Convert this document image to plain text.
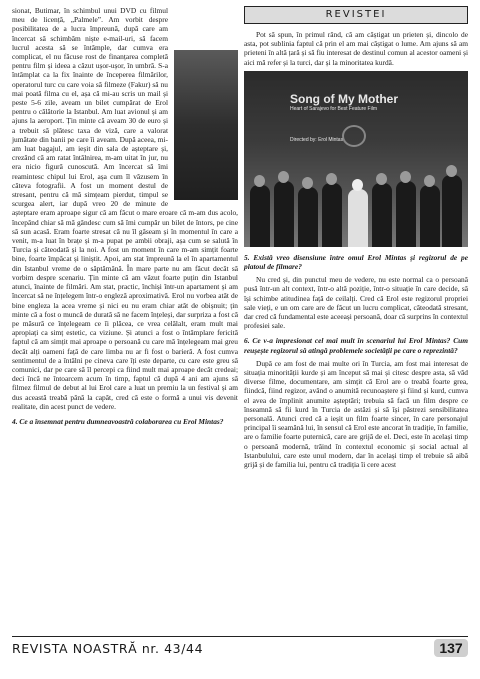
sionat, Butimar, în schimbul unui DVD cu filmul meu de licență, „Palmele”. Am vorbit despre posibilitatea de a lucra împreună, după care am încercat să schimbăm niște e-mail-uri, să facem lucrul acesta să se întâmple, dar cumva era complicat, el nu făcuse rost de finanțarea completă pentru film și ideea a căzut ușor-ușor, în umbră. S-a întâmplat ca la fix înainte de începerea filmărilor, operatorul turc cu care voia să filmeze (Fakur) să nu mai poată filma cu el, așa că mi-au scris un mail și peste 5-6 zile, aveam un bilet cumpărat de Erol pentru o călătorie la Istanbul. Am luat avionul și am ajuns la aeroport. Țin minte că aveam 30 de euro și a trebuit să plătesc taxa de viză, care a valorat jumătate din banii pe care îi aveam. După aceea, mi-am luat bagajul, am ieșit din sala de așteptare și, crezând că am ratat întâlnirea, m-am uitat în jur, nu era nicio figură cunoscută. Am încercat să îmi reamintesc chipul lui Erol, așa cum îl văzusem în câteva fotografii. A fost un moment destul de stresant, pentru că mă simțeam pierdut, timpul se scurgea alert, iar după vreo 20 de minute de așteptare eram aproape sigur că am făcut o mare eroare că m-am dus acolo, începând chiar să mă gândesc cum să îmi cumpăr un bilet de întors, pe cine să sun acasă. Eram foarte stresat că nu îl găseam și în momentul în care a venit, m-a luat în brațe și m-a pupat pe ambii obraji, așa cum se salută în Turcia și câteodată și la noi. A fost un moment în care m-am simțit foarte bine, foarte împăcat și liniștit. Apoi, am stat împreună la el în apartamentul din Istanbul vreme de o săptămână. În mare parte nu am făcut decât să vorbim despre scenariu. Țin minte că am văzut foarte puțin din Istanbul atunci, înainte de filmări. Am stat, practic, închiși într-un apartament și am încercat să ne înțelegem într-o engleză aproximativă. Erol nu vorbea atât de bine engleza la acea vreme și nici eu nu eram chiar atât de obișnuit; țin minte că a fost o muncă de durată să ne facem înțeleși, dar surpriza a fost că pe măsură ce înțelegeam ce îi plăcea, ce vrea celălalt, eram mult mai apropiați ca simț estetic, ca viziune. Și atunci a fost o întâmplare fericită faptul că am simțit mai aproape o persoană cu care mă înțelegeam mai greu decât alți oameni față de care limba nu ar fi fost o barieră. A fost cumva sentimentul de a întâlni pe cineva care îți este departe, cu care este greu să comunici, dar pe care să îl percepi ca fiind mult mai aproape decât credeai; deci încă ne întoarcem acum în timp, faptul că după 4 ani am ajuns să filmez filmul de debut al lui Erol care a luat un premiu la un festival și am dus această treabă până la capăt, cred că este o formă a unui vis devenit realitate, din acest punct de vedere.

4. Ce a însemnat pentru dumneavoastră colaborarea cu Erol Mintas?

REVISTEI

Pot să spun, în primul rând, că am câștigat un prieten și, dincolo de asta, pot sublinia faptul că prin el am mai câștigat o lume. Am ajuns să am prieteni în altă țară și să fiu interesat de destinul comun al acestor oameni și aici mă refer și la turci, dar și la minoritatea kurdă.

Song of My Mother
Heart of Sarajevo for Best Feature Film
Directed by: Erol Mintas

5. Există vreo disensiune între omul Erol Mintas și regizorul de pe platoul de filmare?

Nu cred și, din punctul meu de vedere, nu este normal ca o persoană pusă într-un alt context, într-o altă poziție, într-o situație în care decide, să își schimbe atitudinea față de ceilalți. Cred că Erol este regizorul propriei sale vieți, e un om care are de făcut un lucru complicat, câteodată stresant, dar cred că fundamental este aceeași persoană, doar că surprins în contextul profesiei sale.

6. Ce v-a impresionat cel mai mult în scenariul lui Erol Mintas? Cum reușește regizorul să atingă problemele societății pe care o reprezintă?

După ce am fost de mai multe ori în Turcia, am fost mai interesat de situația minorității kurde și am început să mai și citesc despre asta, să văd diverse filme, documentare, am simțit că Erol are o treabă foarte grea, fiindcă, fiind regizor, având o anumită recunoaștere și fiind și kurd, cumva el avea de împlinit anumite așteptări; trebuia să facă un film despre ce înseamnă să fii kurd în Turcia de astăzi și să își păstrezi sensibilitatea personală. Atunci cred că a ieșit un film foarte sincer, în care personajul principal îi seamănă lui, în sensul că Erol este ancorat în tradiție, în familie, are o familie foarte puternică, care are grijă de el. Deci, este în același timp o persoană modernă, trăind în contextul economic și social actual al Istanbulului, care este unul modern, dar în același timp el trebuie să aibă grijă și de familia lui, pentru că tradiția îi cere acest

REVISTA NOASTRĂ nr. 43/44	137
